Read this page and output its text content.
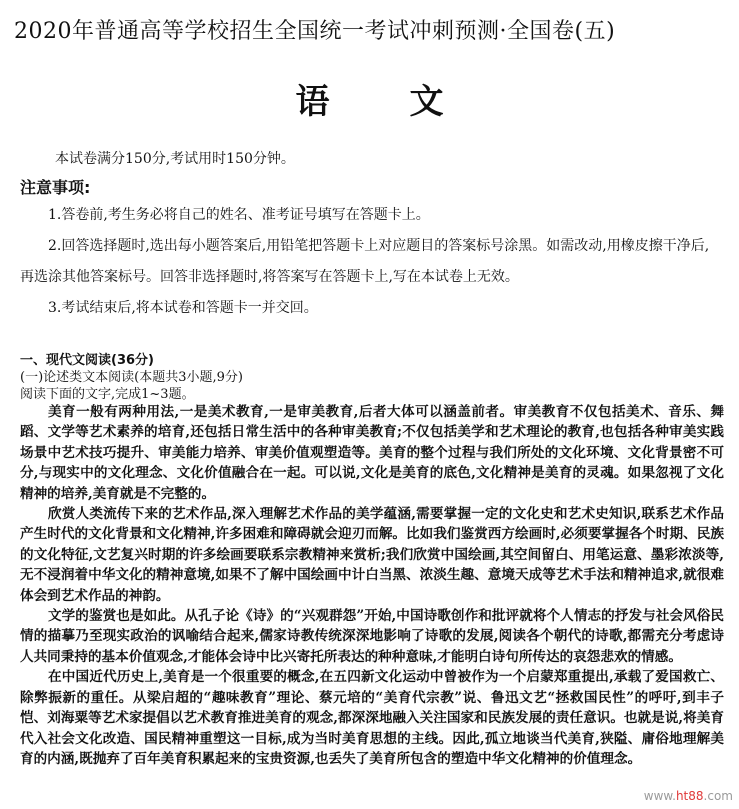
2020年普通高等学校招生全国统一考试冲刺预测·全国卷(五)
语文
本试卷满分150分,考试用时150分钟。
注意事项:

1.答卷前,考生务必将自己的姓名、准考证号填写在答题卡上。

2.回答选择题时,选出每小题答案后,用铅笔把答题卡上对应题目的答案标号涂黑。如需改动,用橡皮擦干净后,再选涂其他答案标号。回答非选择题时,将答案写在答题卡上,写在本试卷上无效。

3.考试结束后,将本试卷和答题卡一并交回。

一、现代文阅读(36分)

(一)论述类文本阅读(本题共3小题,9分)

阅读下面的文字,完成1~3题。

美育一般有两种用法,一是美术教育,一是审美教育,后者大体可以涵盖前者。审美教育不仅包括美术、音乐、舞蹈、文学等艺术素养的培育,还包括日常生活中的各种审美教育;不仅包括美学和艺术理论的教育,也包括各种审美实践场景中艺术技巧提升、审美能力培养、审美价值观塑造等。美育的整个过程与我们所处的文化环境、文化背景密不可分,与现实中的文化理念、文化价值融合在一起。可以说,文化是美育的底色,文化精神是美育的灵魂。如果忽视了文化精神的培养,美育就是不完整的。

欣赏人类流传下来的艺术作品,深入理解艺术作品的美学蕴涵,需要掌握一定的文化史和艺术史知识,联系艺术作品产生时代的文化背景和文化精神,许多困难和障碍就会迎刃而解。比如我们鉴赏西方绘画时,必须要掌握各个时期、民族的文化特征,文艺复兴时期的许多绘画要联系宗教精神来赏析;我们欣赏中国绘画,其空间留白、用笔运意、墨彩浓淡等,无不浸润着中华文化的精神意境,如果不了解中国绘画中计白当黑、浓淡生趣、意境天成等艺术手法和精神追求,就很难体会到艺术作品的神韵。

文学的鉴赏也是如此。从孔子论《诗》的“兴观群怨”开始,中国诗歌创作和批评就将个人情志的抒发与社会风俗民情的描摹乃至现实政治的讽喻结合起来,儒家诗教传统深深地影响了诗歌的发展,阅读各个朝代的诗歌,都需充分考虑诗人共同秉持的基本价值观念,才能体会诗中比兴寄托所表达的种种意味,才能明白诗句所传达的哀怨悲欢的情感。

在中国近代历史上,美育是一个很重要的概念,在五四新文化运动中曾被作为一个启蒙郑重提出,承载了爱国救亡、除弊振新的重任。从梁启超的“趣味教育”理论、蔡元培的“美育代宗教”说、鲁迅文艺“拯救国民性”的呼吁,到丰子恺、刘海粟等艺术家提倡以艺术教育推进美育的观念,都深深地融入关注国家和民族发展的责任意识。也就是说,将美育代入社会文化改造、国民精神重塑这一目标,成为当时美育思想的主线。因此,孤立地谈当代美育,狭隘、庸俗地理解美育的内涵,既抛弃了百年美育积累起来的宝贵资源,也丢失了美育所包含的塑造中华文化精神的价值理念。

www.ht88.com
